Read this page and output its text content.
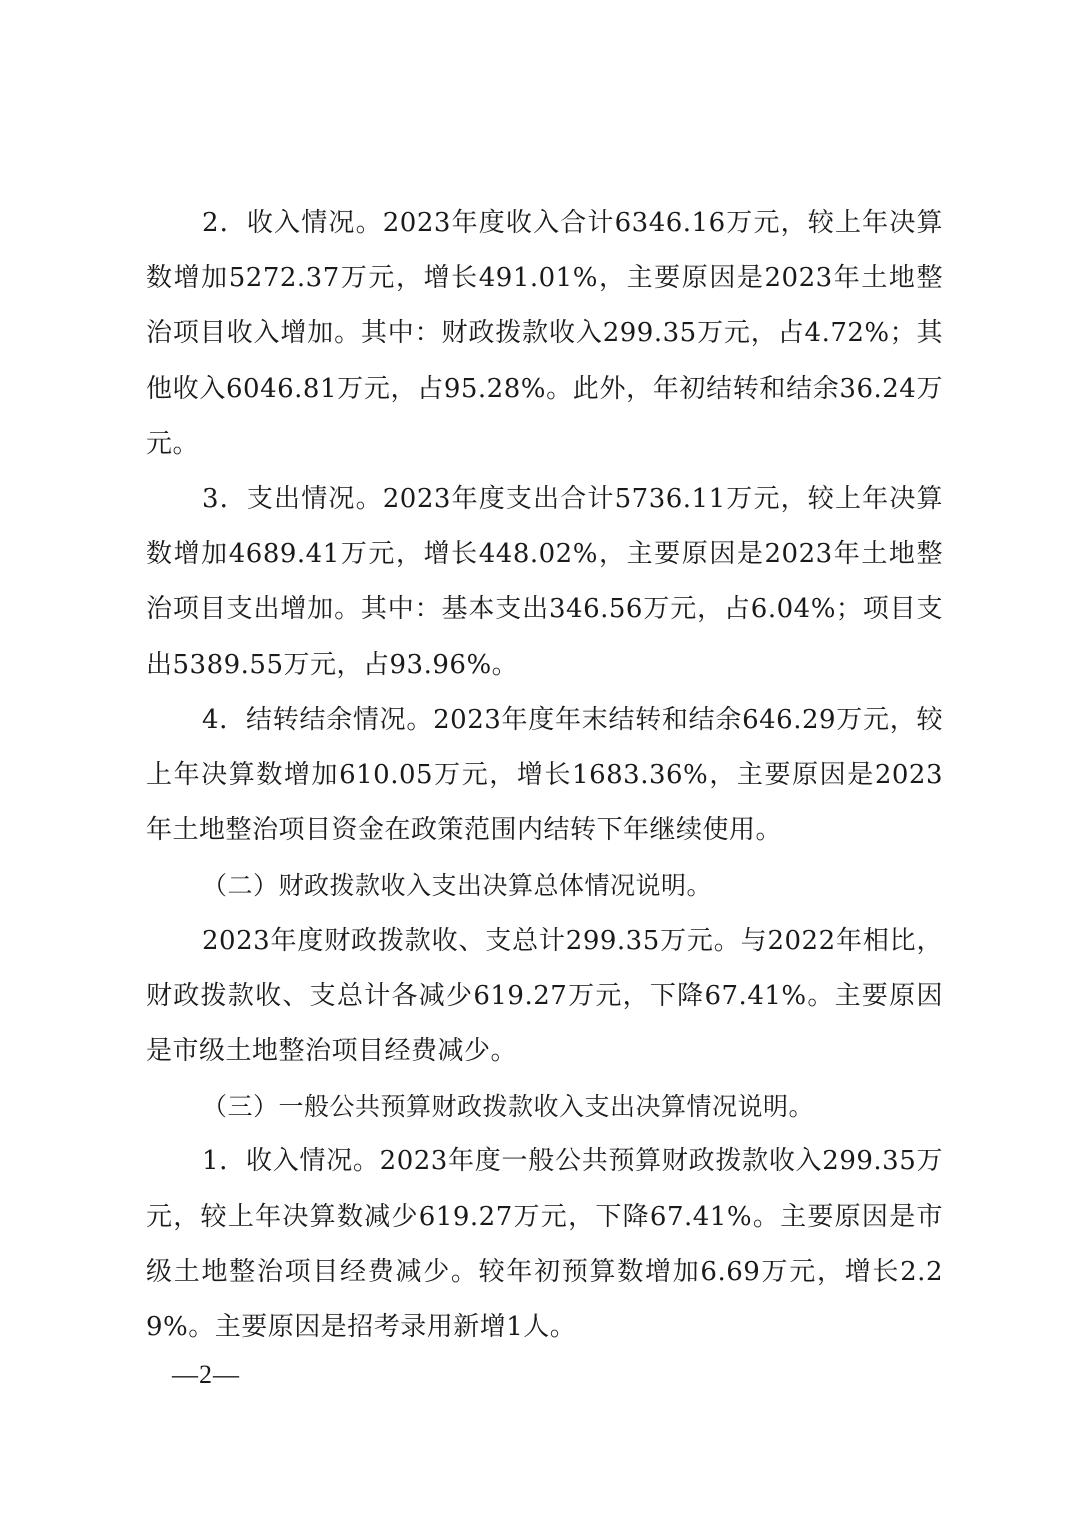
2．收入情况。2023年度收入合计6346.16万元，较上年决算数增加5272.37万元，增长491.01%，主要原因是2023年土地整治项目收入增加。其中：财政拨款收入299.35万元，占4.72%；其他收入6046.81万元，占95.28%。此外，年初结转和结余36.24万元。

3．支出情况。2023年度支出合计5736.11万元，较上年决算数增加4689.41万元，增长448.02%，主要原因是2023年土地整治项目支出增加。其中：基本支出346.56万元，占6.04%；项目支出5389.55万元，占93.96%。

4．结转结余情况。2023年度年末结转和结余646.29万元，较上年决算数增加610.05万元，增长1683.36%，主要原因是2023年土地整治项目资金在政策范围内结转下年继续使用。

（二）财政拨款收入支出决算总体情况说明。

2023年度财政拨款收、支总计299.35万元。与2022年相比，财政拨款收、支总计各减少619.27万元，下降67.41%。主要原因是市级土地整治项目经费减少。

（三）一般公共预算财政拨款收入支出决算情况说明。

1．收入情况。2023年度一般公共预算财政拨款收入299.35万元，较上年决算数减少619.27万元，下降67.41%。主要原因是市级土地整治项目经费减少。较年初预算数增加6.69万元，增长2.29%。主要原因是招考录用新增1人。

—2—
